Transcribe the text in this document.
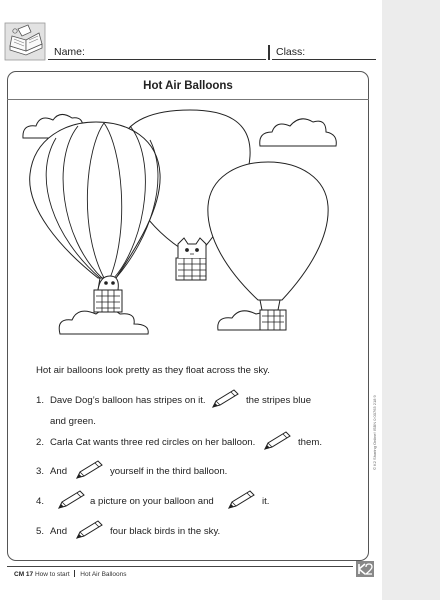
Name:	Class:
Hot Air Balloons
Hot air balloons look pretty as they float across the sky.
1. Dave Dog’s balloon has stripes on it.	the stripes blue
and green.
2. Carla Cat wants three red circles on her balloon.	them.
3. And	yourself in the third balloon.
4.	a picture on your balloon and	it.
5. And	four black birds in the sky.
© K2 Sharing Online! ISBN 0 00763 218 9
CM 17 How to start Hot Air Balloons
